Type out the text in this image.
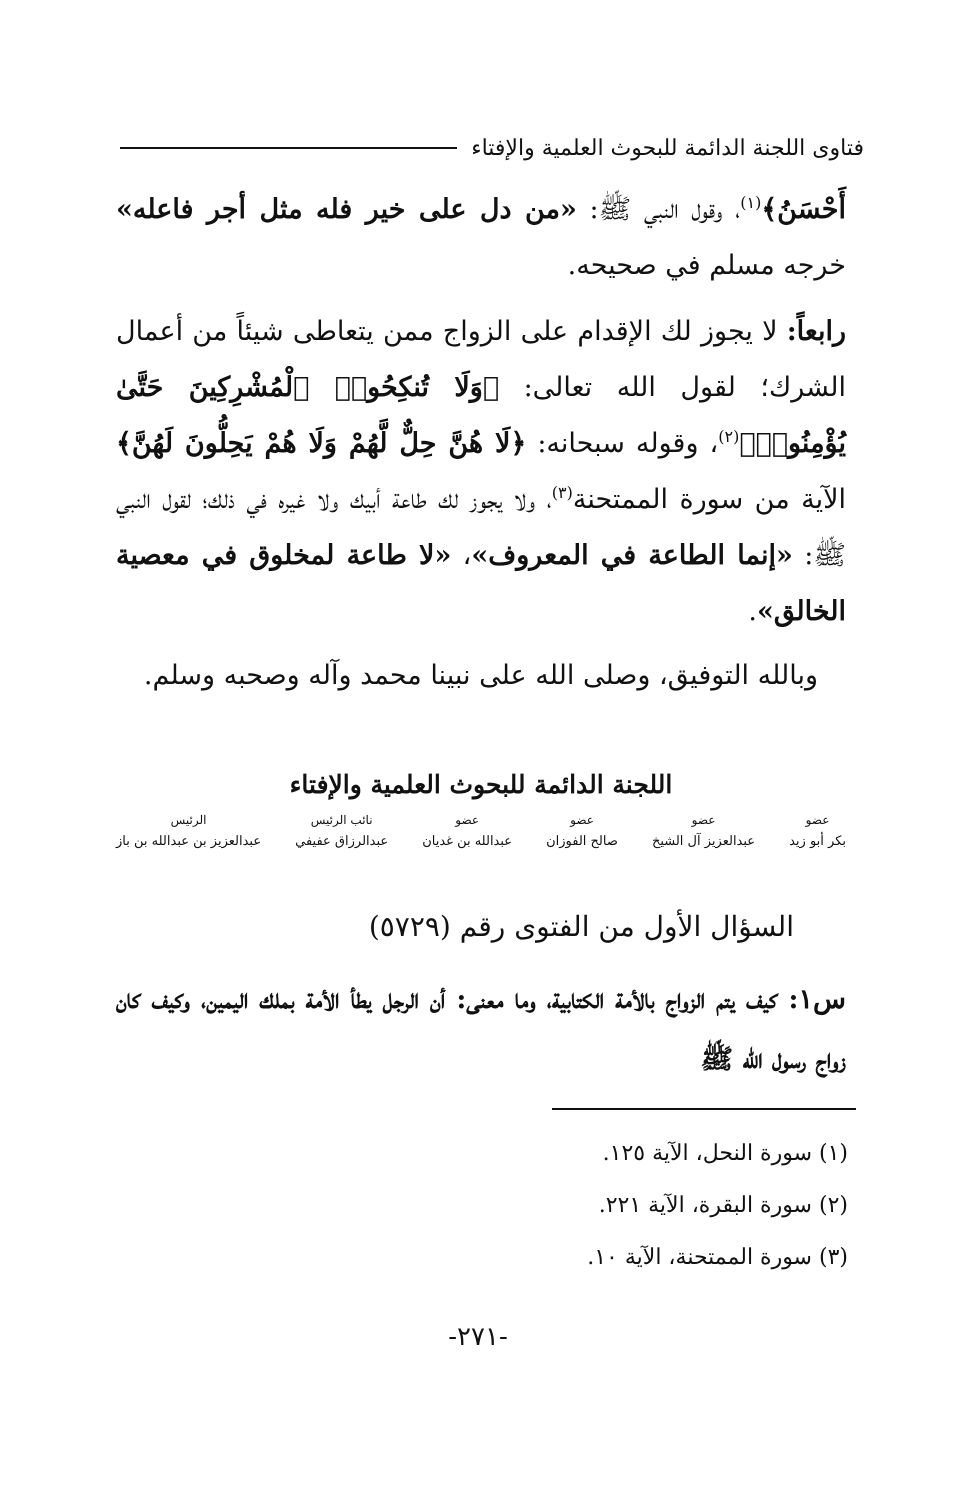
فتاوى اللجنة الدائمة للبحوث العلمية والإفتاء

أَحْسَنُ﴾$^{(١)}$، وقول النبي ﷺ: «من دل على خير فله مثل أجر فاعله» خرجه مسلم في صحيحه.

رابعاً: لا يجوز لك الإقدام على الزواج ممن يتعاطى شيئاً من أعمال الشرك؛ لقول الله تعالى: ﴿وَلَا تُنكِحُوا۟ ٱلْمُشْرِكِينَ حَتَّىٰ يُؤْمِنُوا۟﴾$^{(٢)}$، وقوله سبحانه: ﴿لَا هُنَّ حِلٌّ لَّهُمْ وَلَا هُمْ يَحِلُّونَ لَهُنَّ﴾ الآية من سورة الممتحنة$^{(٣)}$، ولا يجوز لك طاعة أبيك ولا غيره في ذلك؛ لقول النبي ﷺ: «إنما الطاعة في المعروف»، «لا طاعة لمخلوق في معصية الخالق».

وبالله التوفيق، وصلى الله على نبينا محمد وآله وصحبه وسلم.

اللجنة الدائمة للبحوث العلمية والإفتاء
عضو
بكر أبو زيد
عضو
عبدالعزيز آل الشيخ
عضو
صالح الفوزان
عضو
عبدالله بن غديان
نائب الرئيس
عبدالرزاق عفيفي
الرئيس
عبدالعزيز بن عبدالله بن باز
السؤال الأول من الفتوى رقم (٥٧٢٩)
س١: كيف يتم الزواج بالأمة الكتابية، وما معنى: أن الرجل يطأ الأمة بملك اليمين، وكيف كان زواج رسول الله ﷺ
(١) سورة النحل، الآية ١٢٥.
(٢) سورة البقرة، الآية ٢٢١.
(٣) سورة الممتحنة، الآية ١٠.
-٢٧١-
